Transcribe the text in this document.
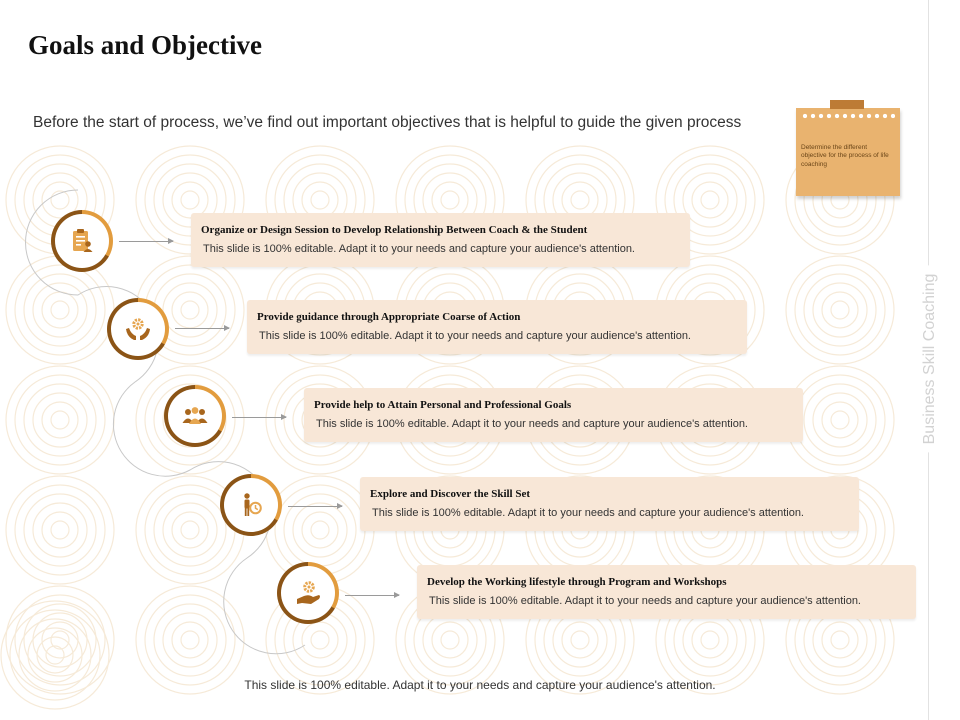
Goals and Objective
Before the start of process, we’ve find out important objectives that is helpful to guide the given process
Determine the different objective for the process of life coaching
Business Skill Coaching
Organize or Design Session to Develop Relationship Between Coach & the Student
This slide is 100% editable. Adapt it to your needs and capture your audience's attention.
Provide guidance through Appropriate Coarse of Action
This slide is 100% editable. Adapt it to your needs and capture your audience's attention.
Provide help to Attain Personal and Professional Goals
This slide is 100% editable. Adapt it to your needs and capture your audience's attention.
Explore and Discover the Skill Set
This slide is 100% editable. Adapt it to your needs and capture your audience's attention.
Develop the Working lifestyle through Program and Workshops
This slide is 100% editable. Adapt it to your needs and capture your audience's attention.
This slide is 100% editable. Adapt it to your needs and capture your audience's attention.
